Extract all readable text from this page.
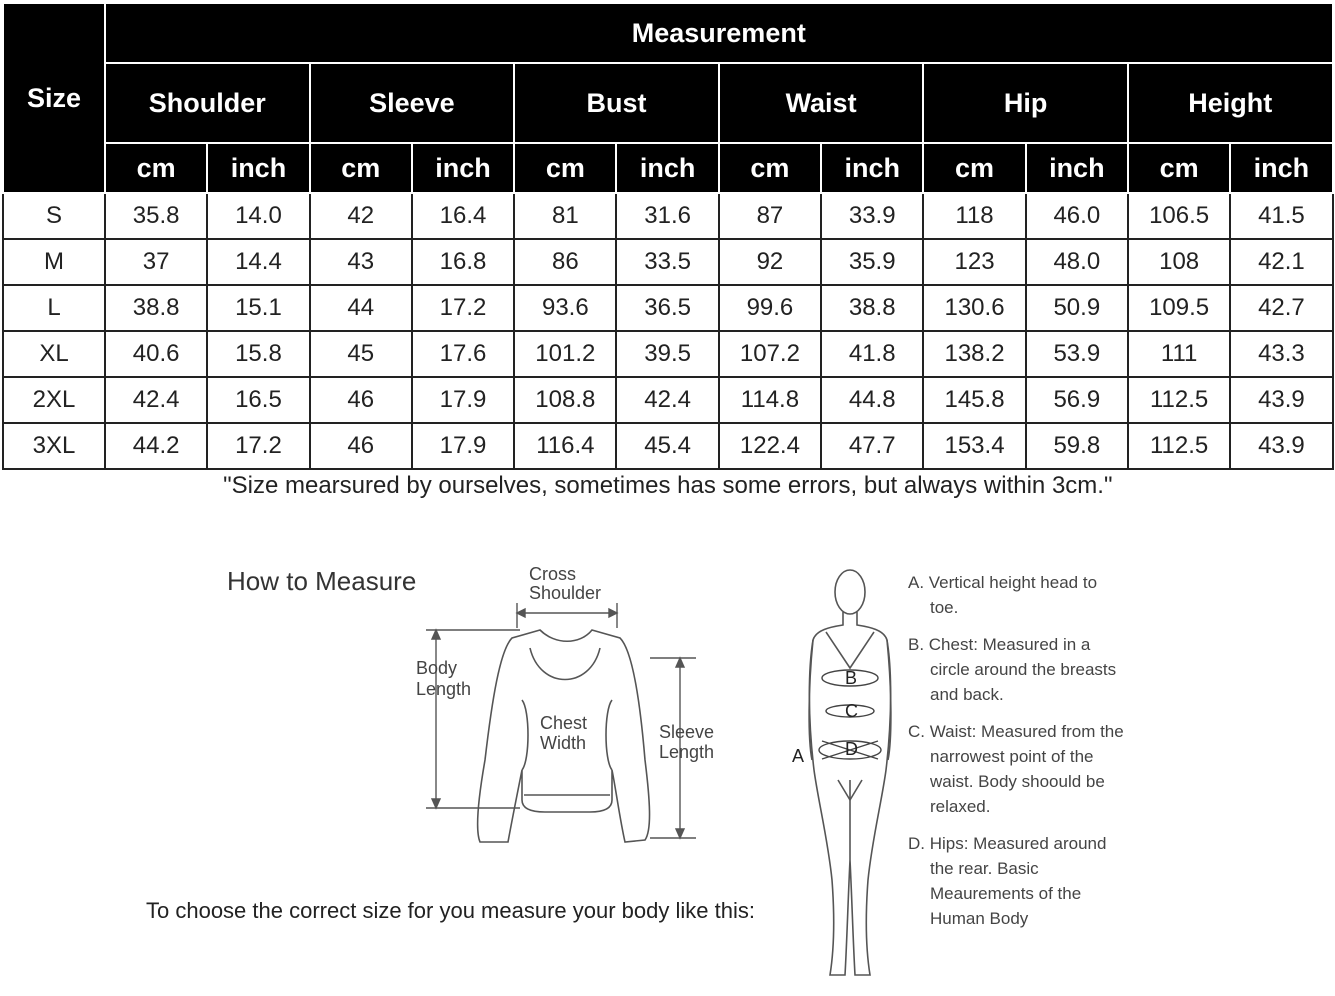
Size	Measurement											
	Shoulder		Sleeve		Bust		Waist		Hip		Height	
	cm	inch	cm	inch	cm	inch	cm	inch	cm	inch	cm	inch
S	35.8	14.0	42	16.4	81	31.6	87	33.9	118	46.0	106.5	41.5
M	37	14.4	43	16.8	86	33.5	92	35.9	123	48.0	108	42.1
L	38.8	15.1	44	17.2	93.6	36.5	99.6	38.8	130.6	50.9	109.5	42.7
XL	40.6	15.8	45	17.6	101.2	39.5	107.2	41.8	138.2	53.9	111	43.3
2XL	42.4	16.5	46	17.9	108.8	42.4	114.8	44.8	145.8	56.9	112.5	43.9
3XL	44.2	17.2	46	17.9	116.4	45.4	122.4	47.7	153.4	59.8	112.5	43.9
"Size mearsured by ourselves, sometimes has some errors, but always within 3cm."												
How to Measure	Cross
Shoulder
Body
Length
Chest
Width
Sleeve
Length
B
C
D
A
To choose the correct size for you measure your body like this:

A. Vertical height head to toe.

B. Chest: Measured in a circle around the breasts and back.

C. Waist: Measured from the narrowest point of the waist. Body shoould be relaxed.

D. Hips: Measured around the rear. Basic Meaurements of the Human Body
